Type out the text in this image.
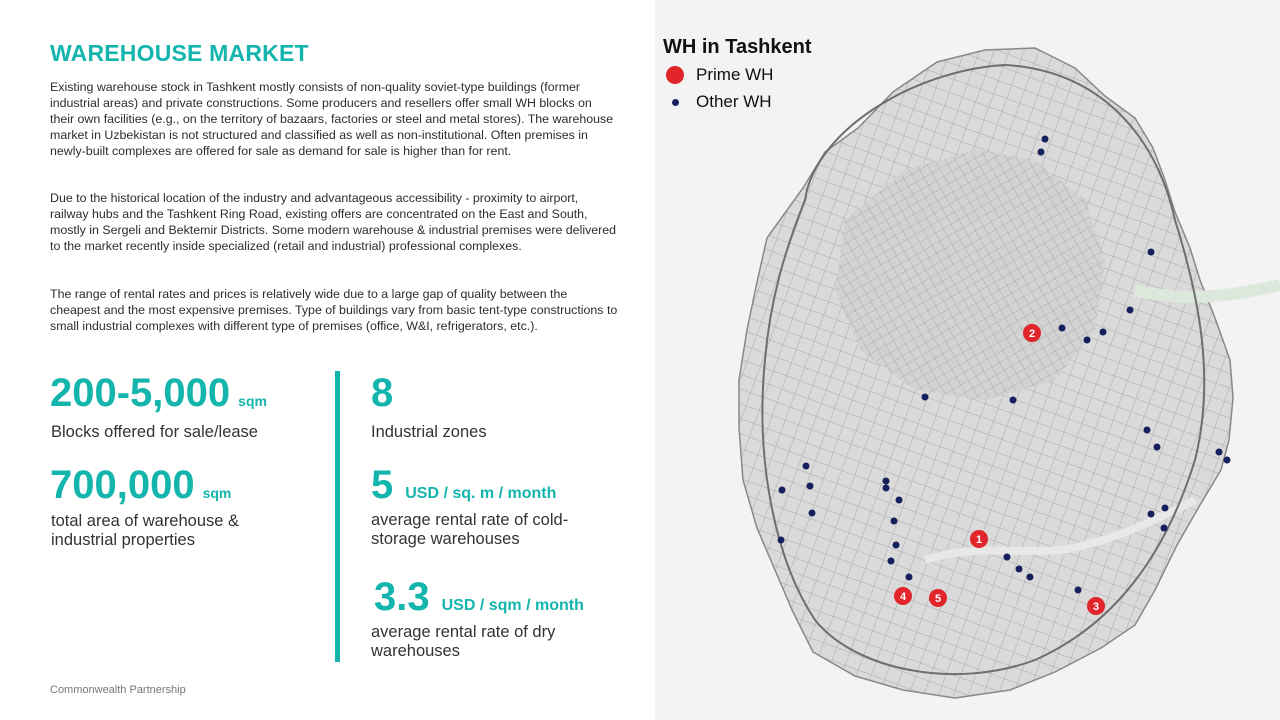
WAREHOUSE MARKET

Existing warehouse stock in Tashkent mostly consists of non-quality soviet-type buildings (former industrial areas) and private constructions. Some producers and resellers offer small WH blocks on their own facilities (e.g., on the territory of bazaars, factories or steel and metal stores). The warehouse market in Uzbekistan is not structured and classified as well as non-institutional. Often premises in newly-built complexes are offered for sale as demand for sale is higher than for rent.

Due to the historical location of the industry and advantageous accessibility - proximity to airport, railway hubs and the Tashkent Ring Road, existing offers are concentrated on the East and South, mostly in Sergeli and Bektemir Districts. Some modern warehouse & industrial premises were delivered to the market recently inside specialized (retail and industrial) professional complexes.

The range of rental rates and prices is relatively wide due to a large gap of quality between the cheapest and the most expensive premises. Type of buildings vary from basic tent-type constructions to small industrial complexes with different type of premises (office, W&I, refrigerators, etc.).

200-5,000 sqm
Blocks offered for sale/lease
700,000 sqm
total area of warehouse & industrial properties
8
Industrial zones
5 USD / sq. m / month
average rental rate of cold-storage warehouses
3.3 USD / sqm / month
average rental rate of dry warehouses
Commonwealth Partnership
WH in Tashkent
Prime WH
Other WH
1
2
3
4	5
